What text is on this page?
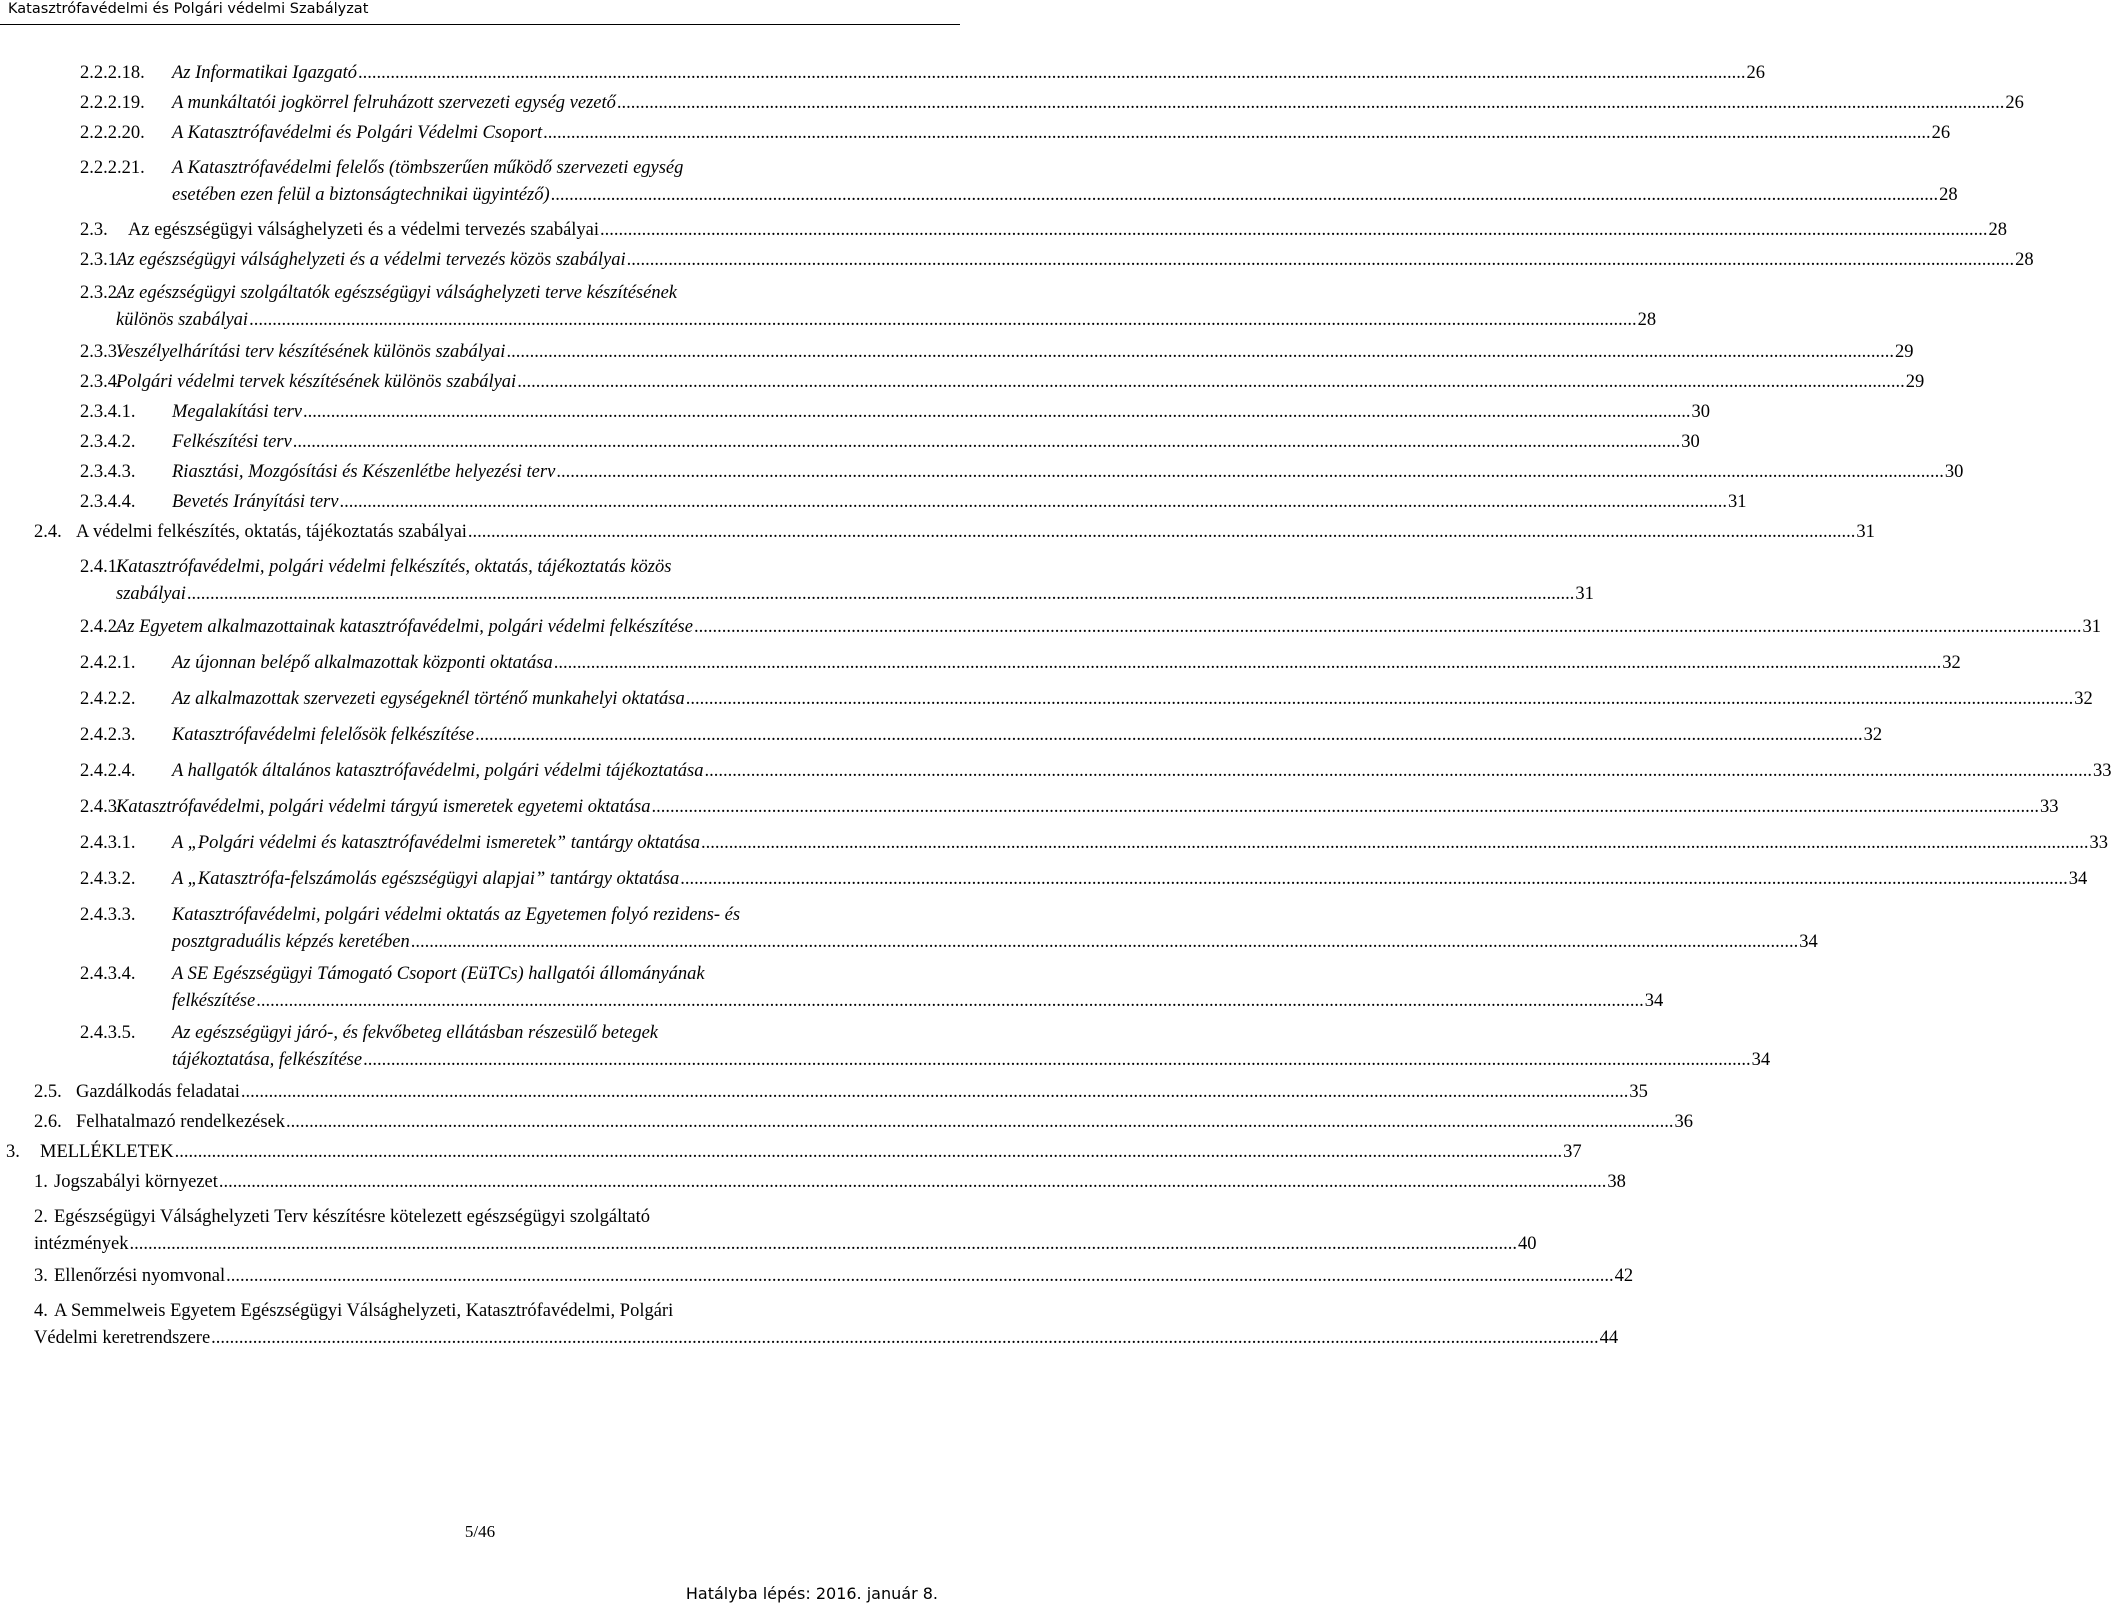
Katasztrófavédelmi és Polgári védelmi Szabályzat
2.2.2.18. Az Informatikai Igazgató ............................................................................................................................................................................................................................................................................................................ 26
2.2.2.19. A munkáltatói jogkörrel felruházott szervezeti egység vezető ............................................................................................................................................................................................................................................................................................................ 26
2.2.2.20. A Katasztrófavédelmi és Polgári Védelmi Csoport ............................................................................................................................................................................................................................................................................................................ 26
2.2.2.21. A Katasztrófavédelmi felelős (tömbszerűen működő szervezeti egység
esetében ezen felül a biztonságtechnikai ügyintéző) ............................................................................................................................................................................................................................................................................................................ 28
2.3. Az egészségügyi válsághelyzeti és a védelmi tervezés szabályai ............................................................................................................................................................................................................................................................................................................ 28
2.3.1.
Az egészségügyi válsághelyzeti és a védelmi tervezés közös szabályai ............................................................................................................................................................................................................................................................................................................ 28
2.3.2.
Az egészségügyi szolgáltatók egészségügyi válsághelyzeti terve készítésének
különös szabályai ............................................................................................................................................................................................................................................................................................................ 28
2.3.3.
Veszélyelhárítási terv készítésének különös szabályai ............................................................................................................................................................................................................................................................................................................ 29
2.3.4.
Polgári védelmi tervek készítésének különös szabályai ............................................................................................................................................................................................................................................................................................................ 29
2.3.4.1. Megalakítási terv ............................................................................................................................................................................................................................................................................................................ 30
2.3.4.2. Felkészítési terv ............................................................................................................................................................................................................................................................................................................ 30
2.3.4.3. Riasztási, Mozgósítási és Készenlétbe helyezési terv ............................................................................................................................................................................................................................................................................................................ 30
2.3.4.4. Bevetés Irányítási terv ............................................................................................................................................................................................................................................................................................................ 31
2.4. A védelmi felkészítés, oktatás, tájékoztatás szabályai ............................................................................................................................................................................................................................................................................................................ 31
2.4.1.
Katasztrófavédelmi, polgári védelmi felkészítés, oktatás, tájékoztatás közös
szabályai ............................................................................................................................................................................................................................................................................................................ 31
2.4.2.
Az Egyetem alkalmazottainak katasztrófavédelmi, polgári védelmi felkészítése ............................................................................................................................................................................................................................................................................................................ 31
2.4.2.1. Az újonnan belépő alkalmazottak központi oktatása ............................................................................................................................................................................................................................................................................................................ 32
2.4.2.2. Az alkalmazottak szervezeti egységeknél történő munkahelyi oktatása ............................................................................................................................................................................................................................................................................................................ 32
2.4.2.3. Katasztrófavédelmi felelősök felkészítése ............................................................................................................................................................................................................................................................................................................ 32
2.4.2.4. A hallgatók általános katasztrófavédelmi, polgári védelmi tájékoztatása ............................................................................................................................................................................................................................................................................................................ 33
2.4.3.
Katasztrófavédelmi, polgári védelmi tárgyú ismeretek egyetemi oktatása ............................................................................................................................................................................................................................................................................................................ 33
2.4.3.1. A „Polgári védelmi és katasztrófavédelmi ismeretek” tantárgy oktatása ............................................................................................................................................................................................................................................................................................................ 33
2.4.3.2. A „Katasztrófa-felszámolás egészségügyi alapjai” tantárgy oktatása ............................................................................................................................................................................................................................................................................................................ 34
2.4.3.3. Katasztrófavédelmi, polgári védelmi oktatás az Egyetemen folyó rezidens- és
posztgraduális képzés keretében ............................................................................................................................................................................................................................................................................................................ 34
2.4.3.4. A SE Egészségügyi Támogató Csoport (EüTCs) hallgatói állományának
felkészítése ............................................................................................................................................................................................................................................................................................................ 34
2.4.3.5. Az egészségügyi járó-, és fekvőbeteg ellátásban részesülő betegek
tájékoztatása, felkészítése ............................................................................................................................................................................................................................................................................................................ 34
2.5. Gazdálkodás feladatai ............................................................................................................................................................................................................................................................................................................ 35
2.6. Felhatalmazó rendelkezések ............................................................................................................................................................................................................................................................................................................ 36
3. MELLÉKLETEK ............................................................................................................................................................................................................................................................................................................ 37
1. Jogszabályi környezet ............................................................................................................................................................................................................................................................................................................ 38
2. Egészségügyi Válsághelyzeti Terv készítésre kötelezett egészségügyi szolgáltató
intézmények ............................................................................................................................................................................................................................................................................................................ 40
3. Ellenőrzési nyomvonal ............................................................................................................................................................................................................................................................................................................ 42
4. A Semmelweis Egyetem Egészségügyi Válsághelyzeti, Katasztrófavédelmi, Polgári
Védelmi keretrendszere ............................................................................................................................................................................................................................................................................................................ 44
5/46
Hatályba lépés: 2016. január 8.
